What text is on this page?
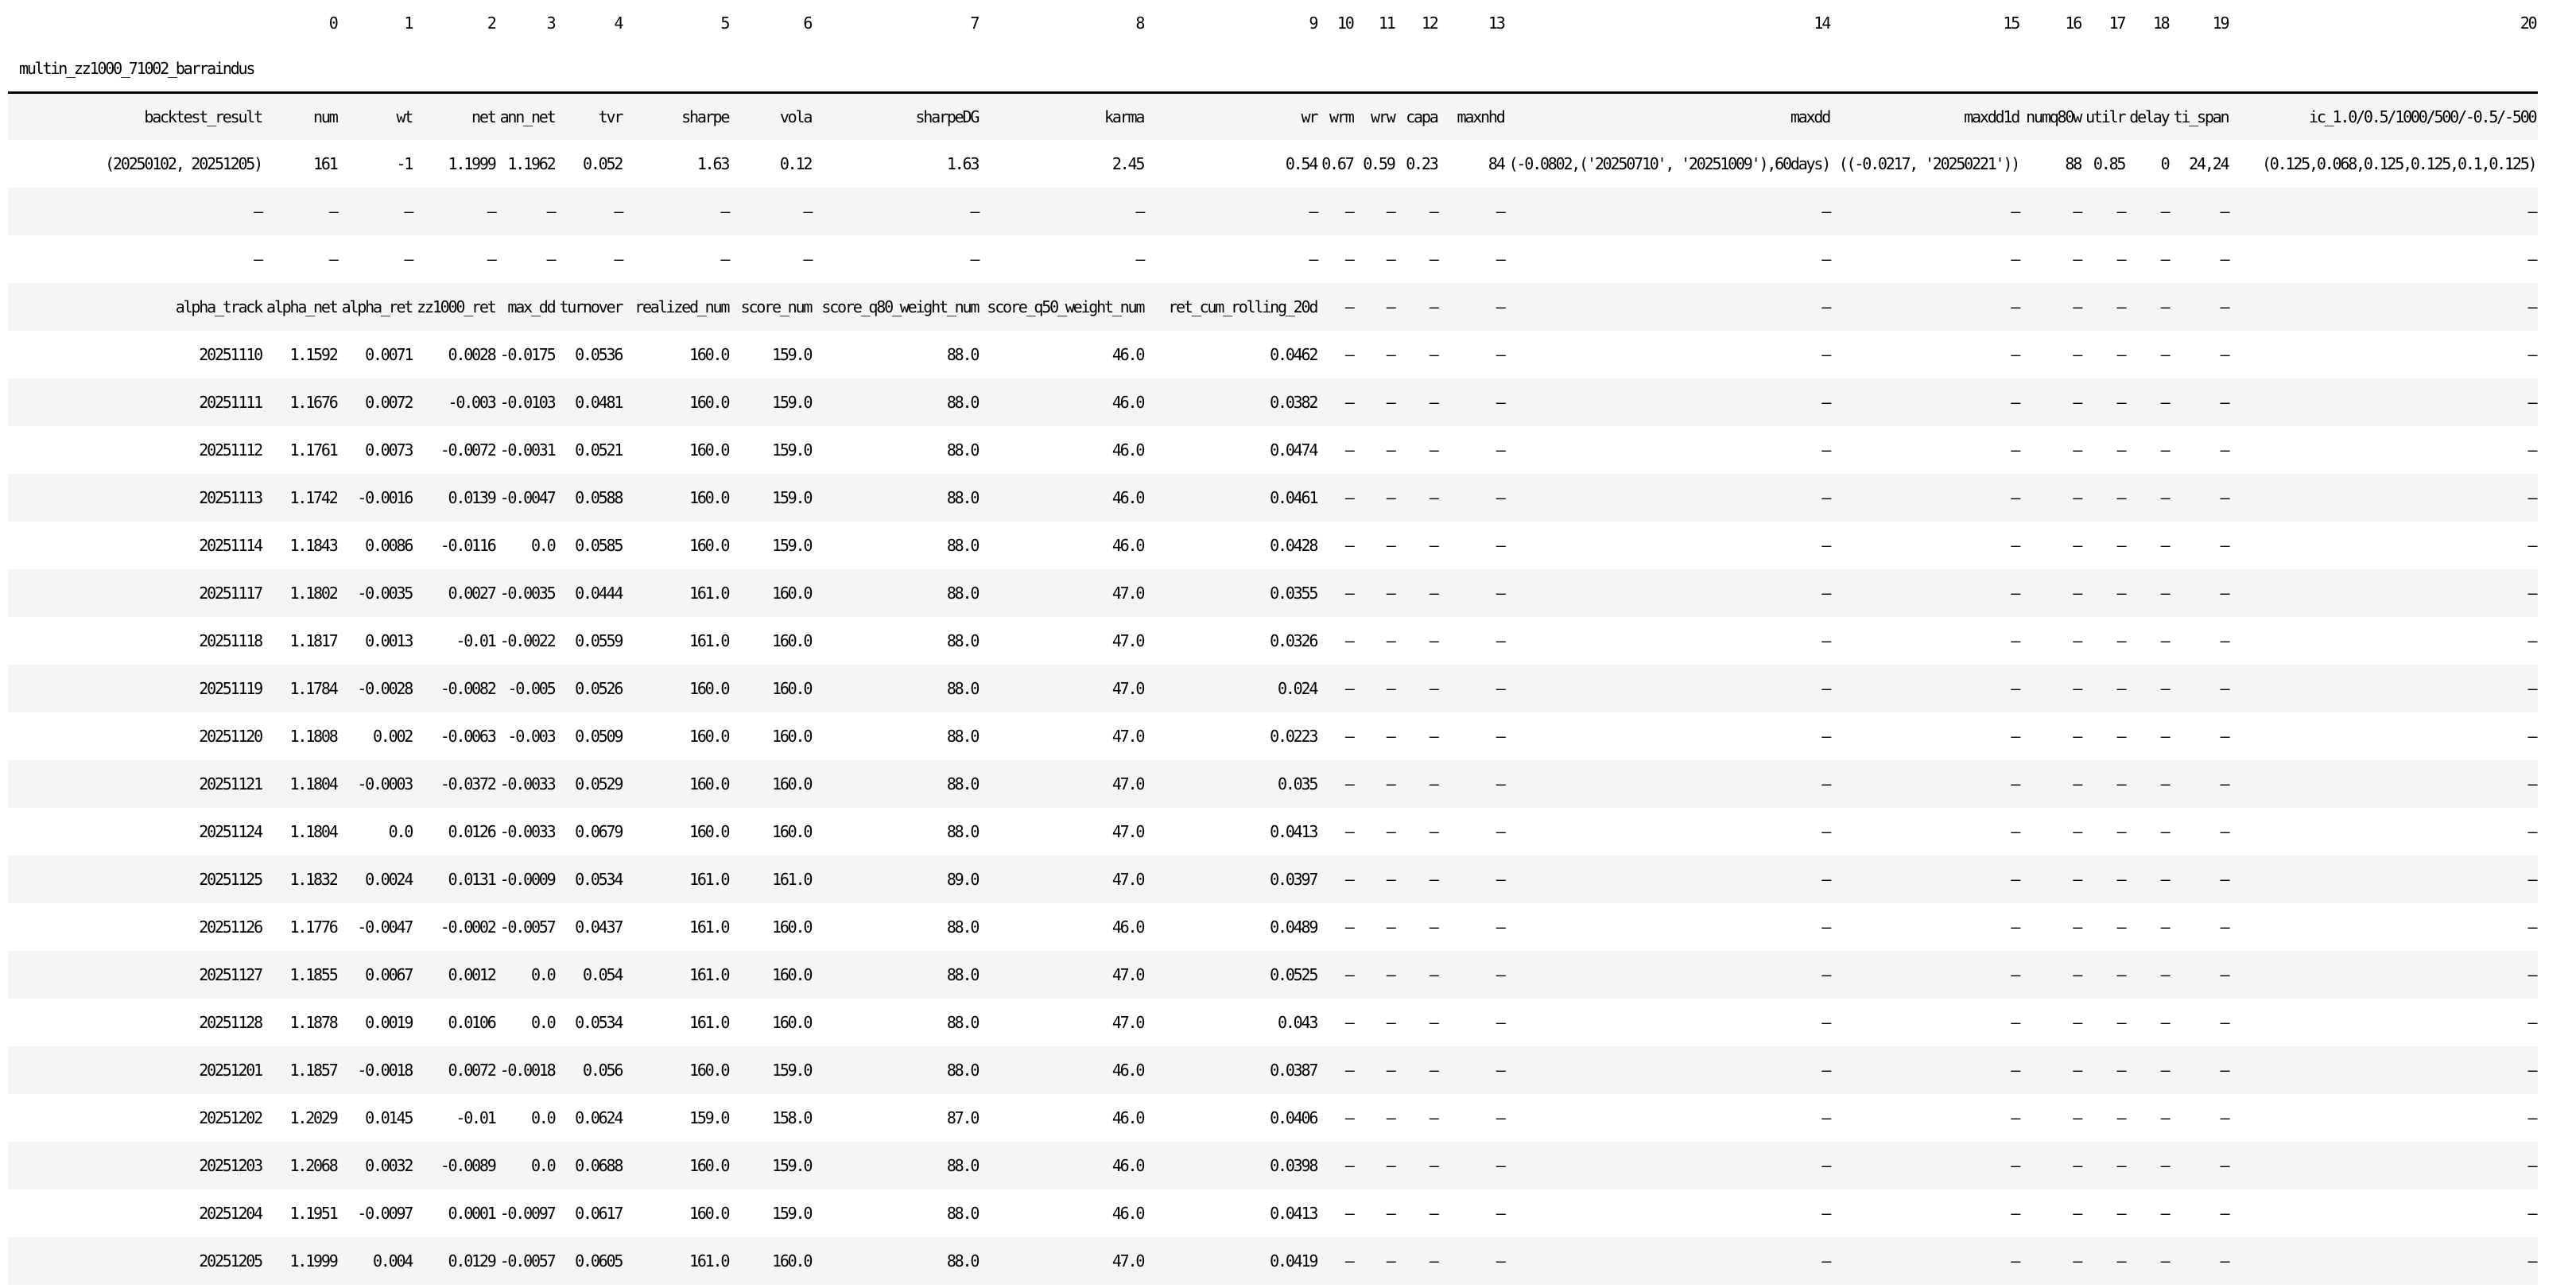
	0	1	2	3	4	5	6	7	8	9	10	11	12	13	14	15	16	17	18	19	20
multin_zz1000_71002_barraindus																					
backtest_result	num	wt	net	ann_net	tvr	sharpe	vola	sharpeDG	karma	wr	wrm	wrw	capa	maxnhd	maxdd	maxdd1d	numq80w	utilr	delay	ti_span	ic_1.0/0.5/1000/500/-0.5/-500
(20250102, 20251205)	161	-1	1.1999	1.1962	0.052	1.63	0.12	1.63	2.45	0.54	0.67	0.59	0.23	84	(-0.0802,('20250710', '20251009'),60days)	((-0.0217, '20250221'))	88	0.85	0	24,24	(0.125,0.068,0.125,0.125,0.1,0.125)
—	—	—	—	—	—	—	—	—	—	—	—	—	—	—	—	—	—	—	—	—	—
—	—	—	—	—	—	—	—	—	—	—	—	—	—	—	—	—	—	—	—	—	—
alpha_track	alpha_net	alpha_ret	zz1000_ret	max_dd	turnover	realized_num	score_num	score_q80_weight_num	score_q50_weight_num	ret_cum_rolling_20d	—	—	—	—	—	—	—	—	—	—	—
20251110	1.1592	0.0071	0.0028	-0.0175	0.0536	160.0	159.0	88.0	46.0	0.0462	—	—	—	—	—	—	—	—	—	—	—
20251111	1.1676	0.0072	-0.003	-0.0103	0.0481	160.0	159.0	88.0	46.0	0.0382	—	—	—	—	—	—	—	—	—	—	—
20251112	1.1761	0.0073	-0.0072	-0.0031	0.0521	160.0	159.0	88.0	46.0	0.0474	—	—	—	—	—	—	—	—	—	—	—
20251113	1.1742	-0.0016	0.0139	-0.0047	0.0588	160.0	159.0	88.0	46.0	0.0461	—	—	—	—	—	—	—	—	—	—	—
20251114	1.1843	0.0086	-0.0116	0.0	0.0585	160.0	159.0	88.0	46.0	0.0428	—	—	—	—	—	—	—	—	—	—	—
20251117	1.1802	-0.0035	0.0027	-0.0035	0.0444	161.0	160.0	88.0	47.0	0.0355	—	—	—	—	—	—	—	—	—	—	—
20251118	1.1817	0.0013	-0.01	-0.0022	0.0559	161.0	160.0	88.0	47.0	0.0326	—	—	—	—	—	—	—	—	—	—	—
20251119	1.1784	-0.0028	-0.0082	-0.005	0.0526	160.0	160.0	88.0	47.0	0.024	—	—	—	—	—	—	—	—	—	—	—
20251120	1.1808	0.002	-0.0063	-0.003	0.0509	160.0	160.0	88.0	47.0	0.0223	—	—	—	—	—	—	—	—	—	—	—
20251121	1.1804	-0.0003	-0.0372	-0.0033	0.0529	160.0	160.0	88.0	47.0	0.035	—	—	—	—	—	—	—	—	—	—	—
20251124	1.1804	0.0	0.0126	-0.0033	0.0679	160.0	160.0	88.0	47.0	0.0413	—	—	—	—	—	—	—	—	—	—	—
20251125	1.1832	0.0024	0.0131	-0.0009	0.0534	161.0	161.0	89.0	47.0	0.0397	—	—	—	—	—	—	—	—	—	—	—
20251126	1.1776	-0.0047	-0.0002	-0.0057	0.0437	161.0	160.0	88.0	46.0	0.0489	—	—	—	—	—	—	—	—	—	—	—
20251127	1.1855	0.0067	0.0012	0.0	0.054	161.0	160.0	88.0	47.0	0.0525	—	—	—	—	—	—	—	—	—	—	—
20251128	1.1878	0.0019	0.0106	0.0	0.0534	161.0	160.0	88.0	47.0	0.043	—	—	—	—	—	—	—	—	—	—	—
20251201	1.1857	-0.0018	0.0072	-0.0018	0.056	160.0	159.0	88.0	46.0	0.0387	—	—	—	—	—	—	—	—	—	—	—
20251202	1.2029	0.0145	-0.01	0.0	0.0624	159.0	158.0	87.0	46.0	0.0406	—	—	—	—	—	—	—	—	—	—	—
20251203	1.2068	0.0032	-0.0089	0.0	0.0688	160.0	159.0	88.0	46.0	0.0398	—	—	—	—	—	—	—	—	—	—	—
20251204	1.1951	-0.0097	0.0001	-0.0097	0.0617	160.0	159.0	88.0	46.0	0.0413	—	—	—	—	—	—	—	—	—	—	—
20251205	1.1999	0.004	0.0129	-0.0057	0.0605	161.0	160.0	88.0	47.0	0.0419	—	—	—	—	—	—	—	—	—	—	—
